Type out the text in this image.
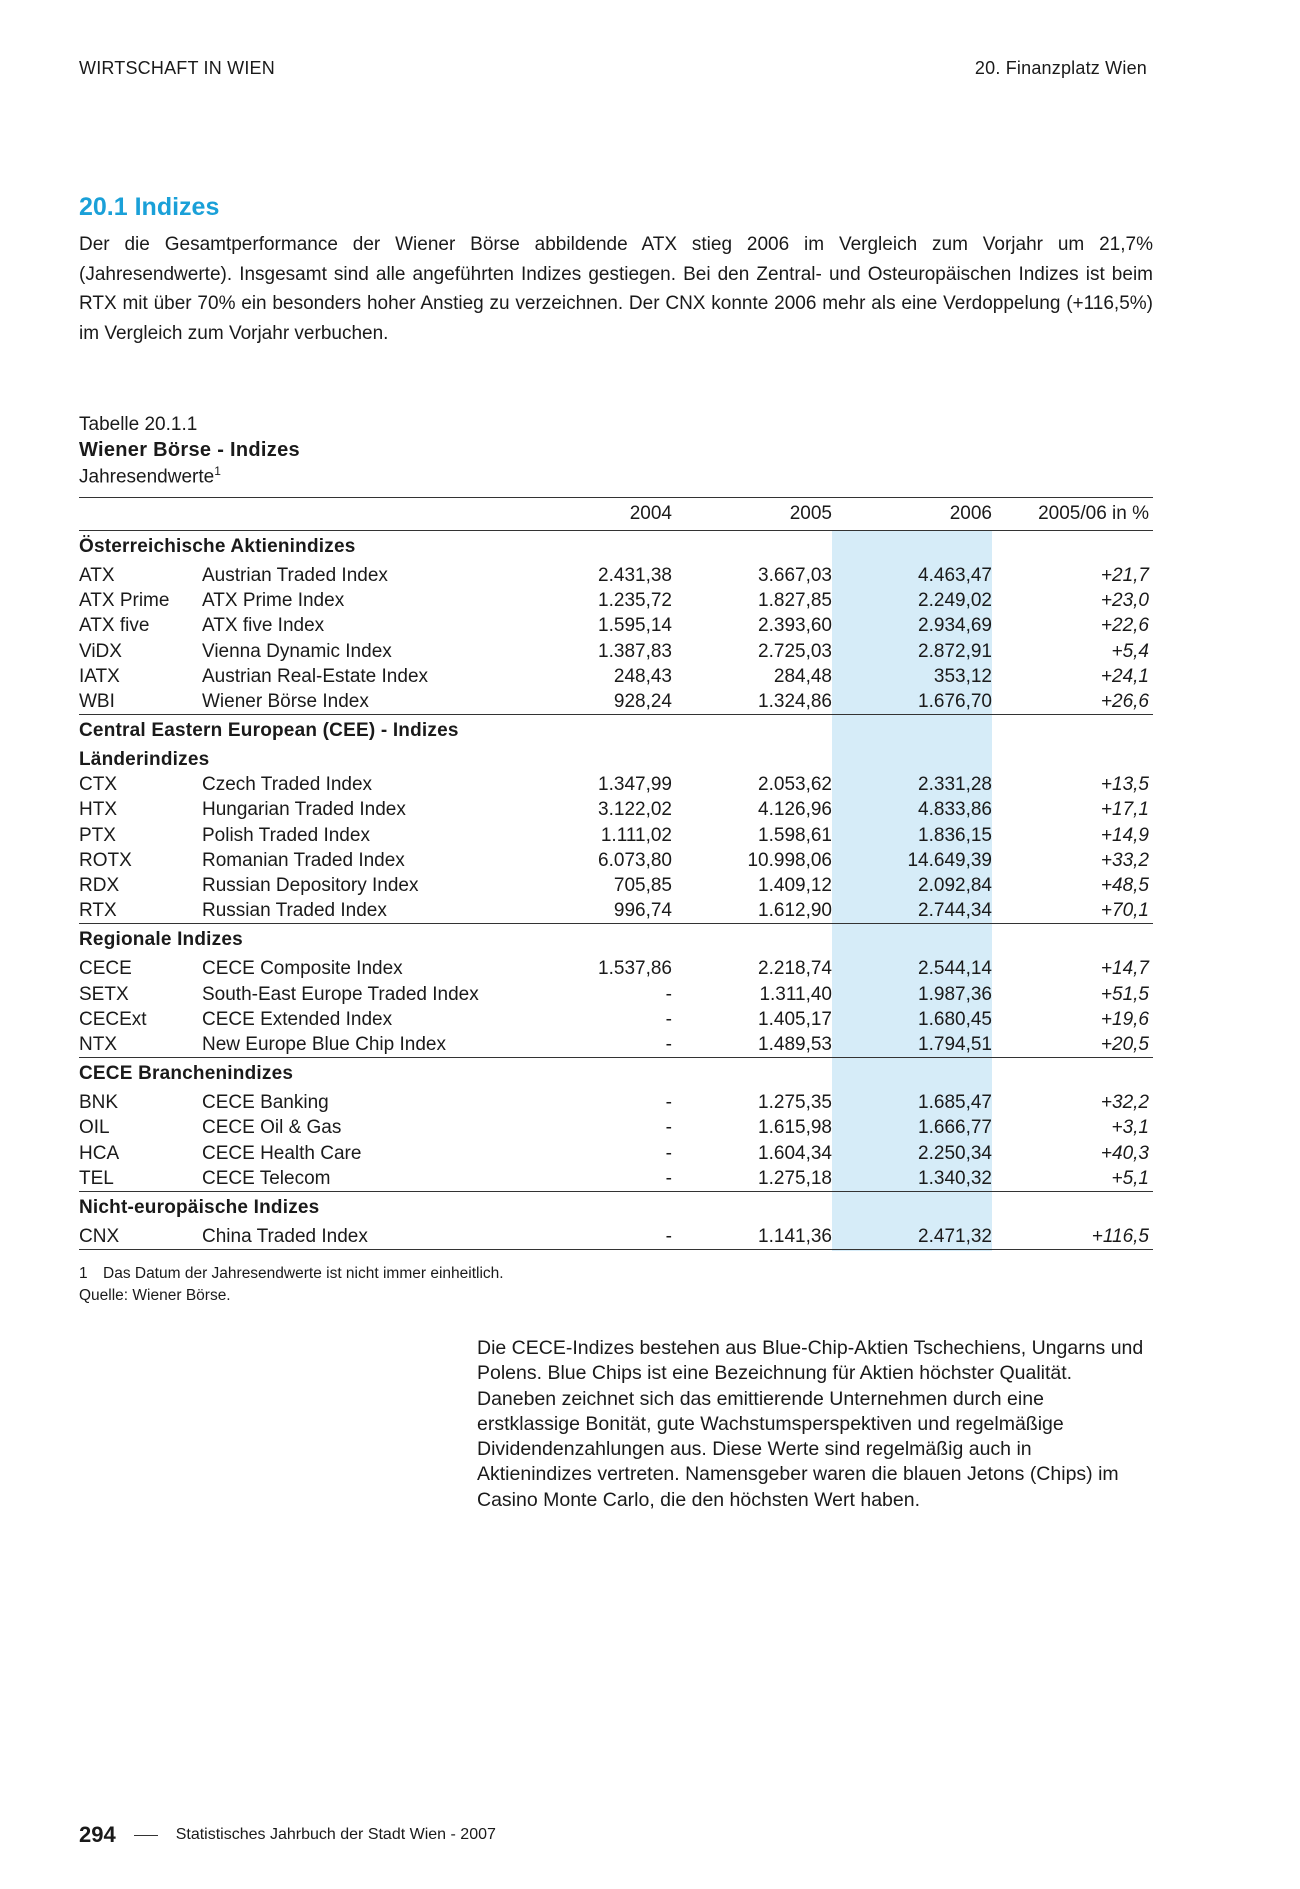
WIRTSCHAFT IN WIEN	20. Finanzplatz Wien
20.1 Indizes

Der die Gesamtperformance der Wiener Börse abbildende ATX stieg 2006 im Vergleich zum Vorjahr um 21,7% (Jahresendwerte). Insgesamt sind alle angeführten Indizes gestiegen. Bei den Zentral- und Osteuropäischen Indizes ist beim RTX mit über 70% ein besonders hoher Anstieg zu verzeichnen. Der CNX konnte 2006 mehr als eine Verdoppelung (+116,5%) im Vergleich zum Vorjahr verbuchen.

Tabelle 20.1.1
Wiener Börse - Indizes
Jahresendwerte$^1$
		2004	2005	2006	2005/06 in %
Österreichische Aktienindizes					
ATX	Austrian Traded Index	2.431,38	3.667,03	4.463,47	+21,7
ATX Prime	ATX Prime Index	1.235,72	1.827,85	2.249,02	+23,0
ATX five	ATX five Index	1.595,14	2.393,60	2.934,69	+22,6
ViDX	Vienna Dynamic Index	1.387,83	2.725,03	2.872,91	+5,4
IATX	Austrian Real-Estate Index	248,43	284,48	353,12	+24,1
WBI	Wiener Börse Index	928,24	1.324,86	1.676,70	+26,6
Central Eastern European (CEE) - Indizes					
Länderindizes					
CTX	Czech Traded Index	1.347,99	2.053,62	2.331,28	+13,5
HTX	Hungarian Traded Index	3.122,02	4.126,96	4.833,86	+17,1
PTX	Polish Traded Index	1.111,02	1.598,61	1.836,15	+14,9
ROTX	Romanian Traded Index	6.073,80	10.998,06	14.649,39	+33,2
RDX	Russian Depository Index	705,85	1.409,12	2.092,84	+48,5
RTX	Russian Traded Index	996,74	1.612,90	2.744,34	+70,1
Regionale Indizes					
CECE	CECE Composite Index	1.537,86	2.218,74	2.544,14	+14,7
SETX	South-East Europe Traded Index	-	1.311,40	1.987,36	+51,5
CECExt	CECE Extended Index	-	1.405,17	1.680,45	+19,6
NTX	New Europe Blue Chip Index	-	1.489,53	1.794,51	+20,5
CECE Branchenindizes					
BNK	CECE Banking	-	1.275,35	1.685,47	+32,2
OIL	CECE Oil & Gas	-	1.615,98	1.666,77	+3,1
HCA	CECE Health Care	-	1.604,34	2.250,34	+40,3
TEL	CECE Telecom	-	1.275,18	1.340,32	+5,1
Nicht-europäische Indizes					
CNX	China Traded Index	-	1.141,36	2.471,32	+116,5
1 Das Datum der Jahresendwerte ist nicht immer einheitlich.
Quelle: Wiener Börse.

Die CECE-Indizes bestehen aus Blue-Chip-Aktien Tschechiens, Ungarns und Polens. Blue Chips ist eine Bezeichnung für Aktien höchster Qualität. Daneben zeichnet sich das emittierende Unternehmen durch eine erstklassige Bonität, gute Wachstumsperspektiven und regelmäßige Dividendenzahlungen aus. Diese Werte sind regelmäßig auch in Aktienindizes vertreten. Namensgeber waren die blauen Jetons (Chips) im Casino Monte Carlo, die den höchsten Wert haben.

294	Statistisches Jahrbuch der Stadt Wien - 2007
